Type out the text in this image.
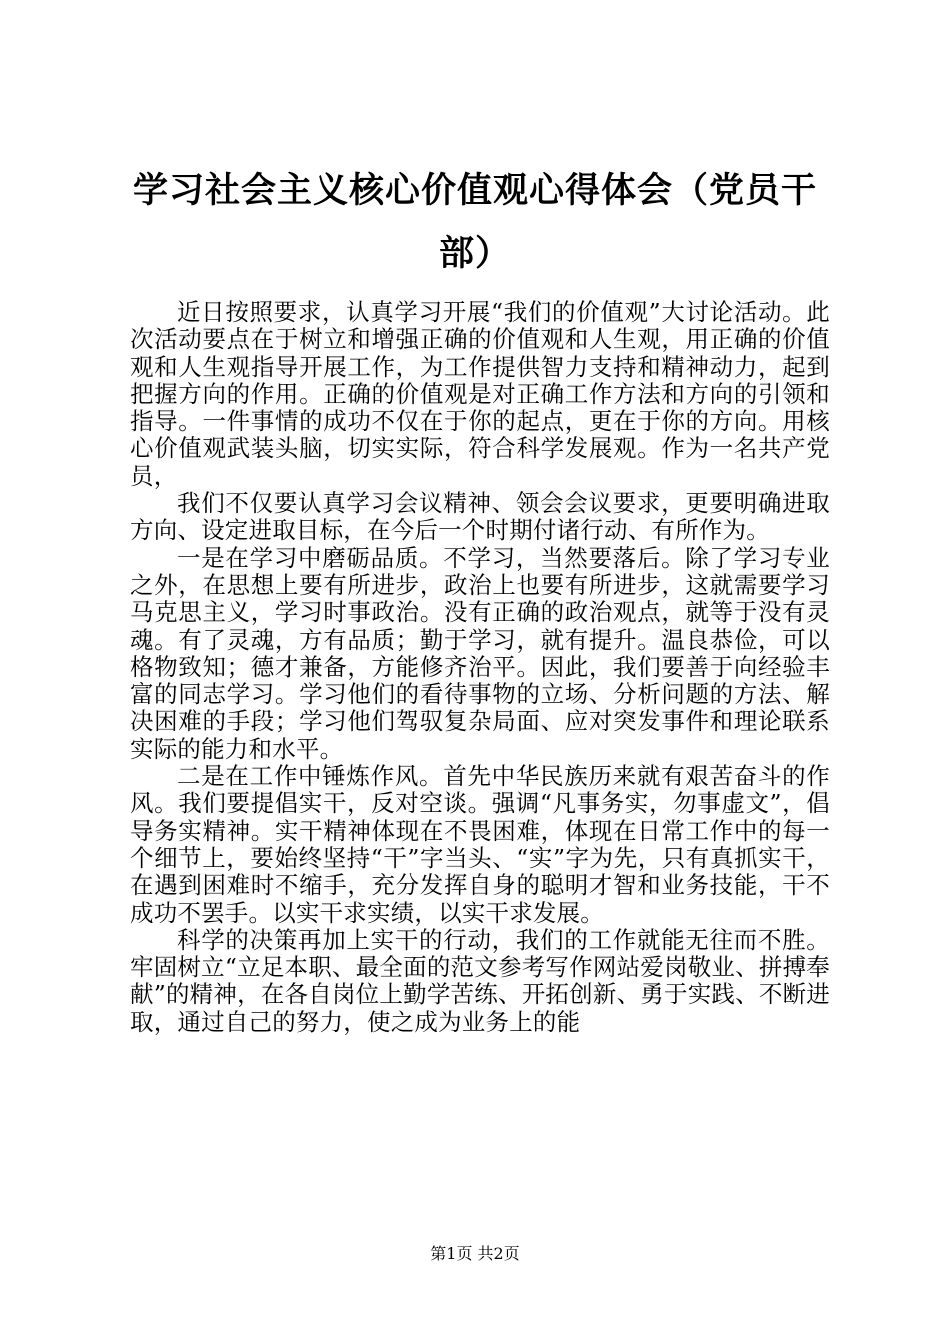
学习社会主义核心价值观心得体会（党员干部）

近日按照要求，认真学习开展“我们的价值观”大讨论活动。此次活动要点在于树立和增强正确的价值观和人生观，用正确的价值观和人生观指导开展工作，为工作提供智力支持和精神动力，起到把握方向的作用。正确的价值观是对正确工作方法和方向的引领和指导。一件事情的成功不仅在于你的起点，更在于你的方向。用核心价值观武装头脑，切实实际，符合科学发展观。作为一名共产党员，

我们不仅要认真学习会议精神、领会会议要求，更要明确进取方向、设定进取目标，在今后一个时期付诸行动、有所作为。

一是在学习中磨砺品质。不学习，当然要落后。除了学习专业之外，在思想上要有所进步，政治上也要有所进步，这就需要学习马克思主义，学习时事政治。没有正确的政治观点，就等于没有灵魂。有了灵魂，方有品质；勤于学习，就有提升。温良恭俭，可以格物致知；德才兼备，方能修齐治平。因此，我们要善于向经验丰富的同志学习。学习他们的看待事物的立场、分析问题的方法、解决困难的手段；学习他们驾驭复杂局面、应对突发事件和理论联系实际的能力和水平。

二是在工作中锤炼作风。首先中华民族历来就有艰苦奋斗的作风。我们要提倡实干，反对空谈。强调“凡事务实，勿事虚文”，倡导务实精神。实干精神体现在不畏困难，体现在日常工作中的每一个细节上，要始终坚持“干”字当头、“实”字为先，只有真抓实干，在遇到困难时不缩手，充分发挥自身的聪明才智和业务技能，干不成功不罢手。以实干求实绩，以实干求发展。

科学的决策再加上实干的行动，我们的工作就能无往而不胜。牢固树立“立足本职、最全面的范文参考写作网站爱岗敬业、拼搏奉献”的精神，在各自岗位上勤学苦练、开拓创新、勇于实践、不断进取，通过自己的努力，使之成为业务上的能

第1页 共2页
